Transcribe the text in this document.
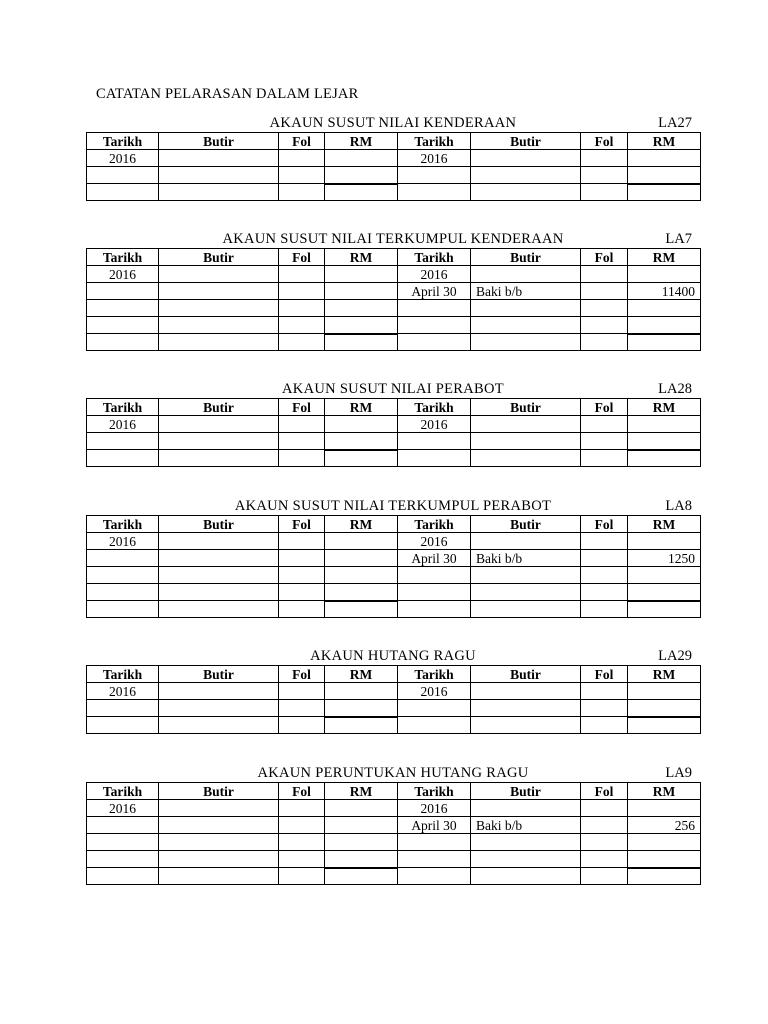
CATATAN PELARASAN DALAM LEJAR
AKAUN SUSUT NILAI KENDERAAN	LA27
Tarikh	Butir	Fol	RM	Tarikh	Butir	Fol	RM
2016				2016			

AKAUN SUSUT NILAI TERKUMPUL KENDERAAN	LA7
Tarikh	Butir	Fol	RM	Tarikh	Butir	Fol	RM
2016				2016			
				April 30	Baki b/b		11400

AKAUN SUSUT NILAI PERABOT	LA28
Tarikh	Butir	Fol	RM	Tarikh	Butir	Fol	RM
2016				2016			

AKAUN SUSUT NILAI TERKUMPUL PERABOT	LA8
Tarikh	Butir	Fol	RM	Tarikh	Butir	Fol	RM
2016				2016			
				April 30	Baki b/b		1250

AKAUN HUTANG RAGU	LA29
Tarikh	Butir	Fol	RM	Tarikh	Butir	Fol	RM
2016				2016			

AKAUN PERUNTUKAN HUTANG RAGU	LA9
Tarikh	Butir	Fol	RM	Tarikh	Butir	Fol	RM
2016				2016			
				April 30	Baki b/b		256
